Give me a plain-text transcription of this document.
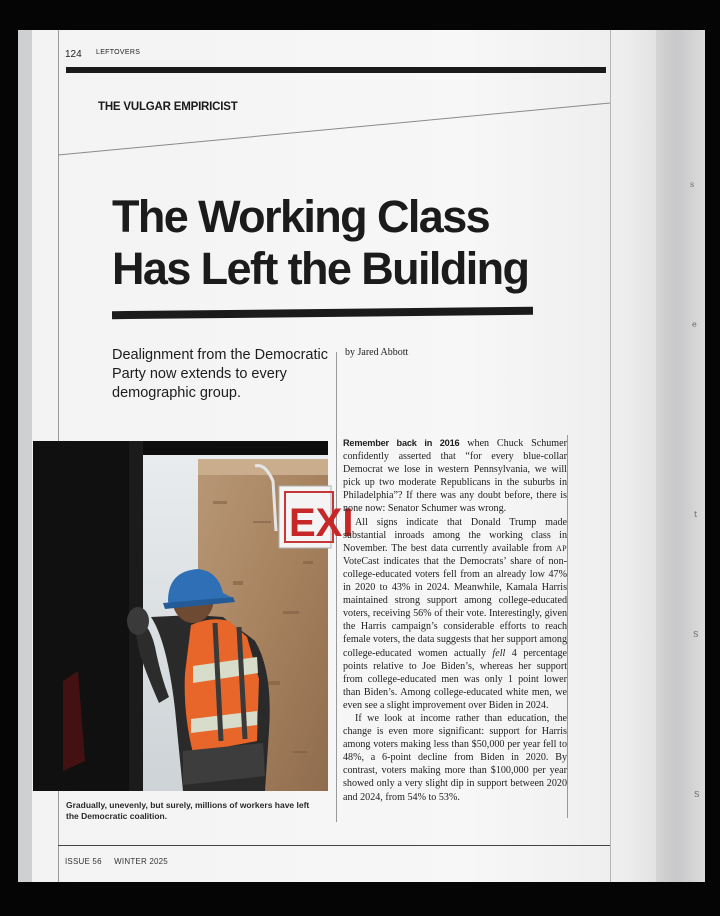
s
e
t
S
S
124 LEFTOVERS
THE VULGAR EMPIRICIST
The Working Class
Has Left the Building
Dealignment from the Democratic Party now extends to every demographic group.
by Jared Abbott
EXI
Gradually, unevenly, but surely, millions of workers have left the Democratic coalition.

Remember back in 2016 when Chuck Schumer confidently asserted that “for every blue-collar Democrat we lose in western Pennsylvania, we will pick up two moderate Republicans in the suburbs in Philadelphia”? If there was any doubt before, there is none now: Senator Schumer was wrong.

All signs indicate that Donald Trump made substantial inroads among the working class in November. The best data currently available from AP VoteCast indicates that the Democrats’ share of non-college-educated voters fell from an already low 47% in 2020 to 43% in 2024. Meanwhile, Kamala Harris maintained strong support among college-educated voters, receiving 56% of their vote. Interestingly, given the Harris campaign’s considerable efforts to reach female voters, the data suggests that her support among college-educated women actually fell 4 percentage points relative to Joe Biden’s, whereas her support from college-educated men was only 1 point lower than Biden’s. Among college-educated white men, we even see a slight improvement over Biden in 2024.

If we look at income rather than education, the change is even more significant: support for Harris among voters making less than $50,000 per year fell to 48%, a 6-point decline from Biden in 2020. By contrast, voters making more than $100,000 per year showed only a very slight dip in support between 2020 and 2024, from 54% to 53%.

ISSUE 56 WINTER 2025
